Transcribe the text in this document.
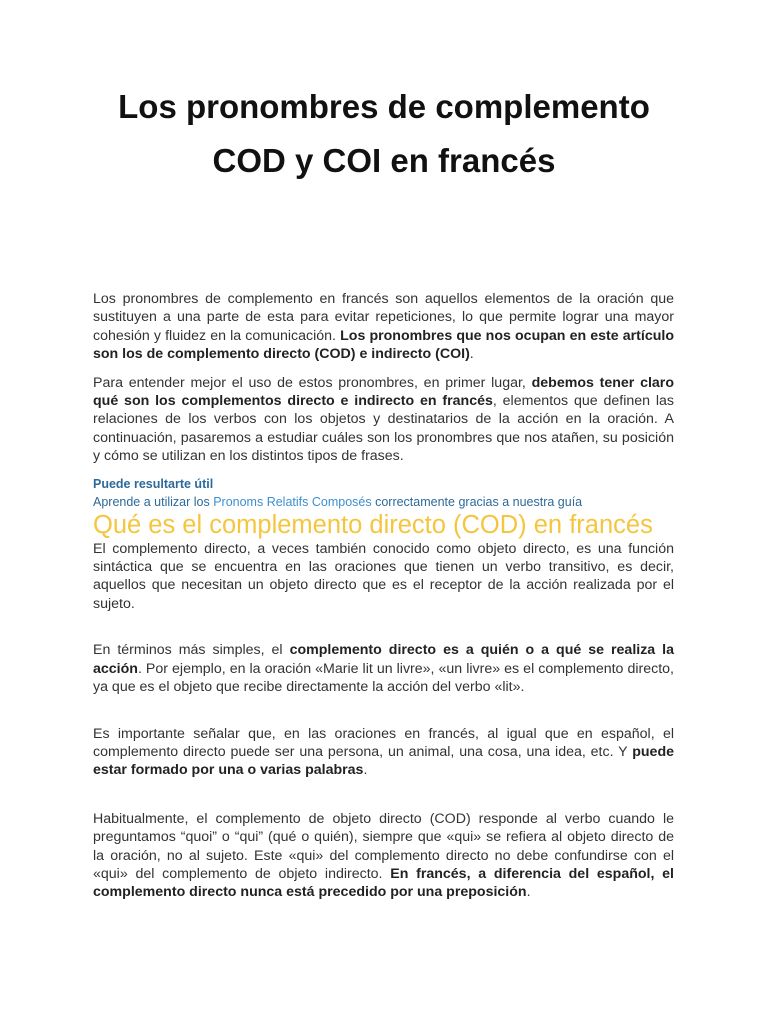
Los pronombres de complemento
COD y COI en francés

Los pronombres de complemento en francés son aquellos elementos de la oración que sustituyen a una parte de esta para evitar repeticiones, lo que permite lograr una mayor cohesión y fluidez en la comunicación. Los pronombres que nos ocupan en este artículo son los de complemento directo (COD) e indirecto (COI).

Para entender mejor el uso de estos pronombres, en primer lugar, debemos tener claro qué son los complementos directo e indirecto en francés, elementos que definen las relaciones de los verbos con los objetos y destinatarios de la acción en la oración. A continuación, pasaremos a estudiar cuáles son los pronombres que nos atañen, su posición y cómo se utilizan en los distintos tipos de frases.

Puede resultarte útil
Aprende a utilizar los Pronoms Relatifs Composés correctamente gracias a nuestra guía
Qué es el complemento directo (COD) en francés

El complemento directo, a veces también conocido como objeto directo, es una función sintáctica que se encuentra en las oraciones que tienen un verbo transitivo, es decir, aquellos que necesitan un objeto directo que es el receptor de la acción realizada por el sujeto.

En términos más simples, el complemento directo es a quién o a qué se realiza la acción. Por ejemplo, en la oración «Marie lit un livre», «un livre» es el complemento directo, ya que es el objeto que recibe directamente la acción del verbo «lit».

Es importante señalar que, en las oraciones en francés, al igual que en español, el complemento directo puede ser una persona, un animal, una cosa, una idea, etc. Y puede estar formado por una o varias palabras.

Habitualmente, el complemento de objeto directo (COD) responde al verbo cuando le preguntamos “quoi” o “qui” (qué o quién), siempre que «qui» se refiera al objeto directo de la oración, no al sujeto. Este «qui» del complemento directo no debe confundirse con el «qui» del complemento de objeto indirecto. En francés, a diferencia del español, el complemento directo nunca está precedido por una preposición.
